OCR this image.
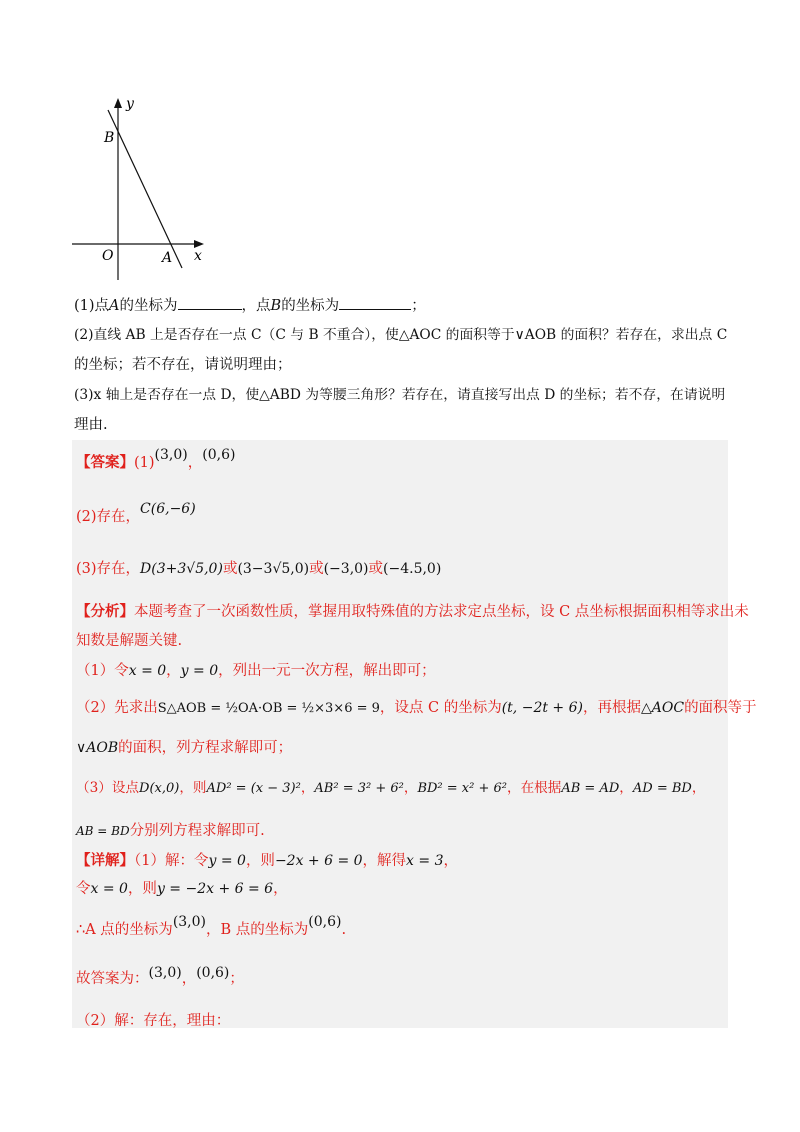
y
B
O	A x
(1)点A的坐标为	，点B的坐标为	；
(2)直线 AB 上是否存在一点 C（C 与 B 不重合），使△AOC 的面积等于∨AOB 的面积？若存在，求出点 C
的坐标；若不存在，请说明理由；
(3)x 轴上是否存在一点 D，使△ABD 为等腰三角形？若存在，请直接写出点 D 的坐标；若不存，在请说明
理由.
【答案】(1)(3,0)，(0,6)
(2)存在，C(6,−6)
(3)存在，D(3+3√5,0)或(3−3√5,0)或(−3,0)或(−4.5,0)
【分析】本题考查了一次函数性质，掌握用取特殊值的方法求定点坐标，设 C 点坐标根据面积相等求出未
知数是解题关键.
（1）令x = 0，y = 0，列出一元一次方程，解出即可；
（2）先求出S△AOB = ½OA·OB = ½×3×6 = 9，设点 C 的坐标为(t, −2t + 6)，再根据△AOC的面积等于
∨AOB的面积，列方程求解即可；
（3）设点D(x,0)，则AD² = (x − 3)²，AB² = 3² + 6²，BD² = x² + 6²，在根据AB = AD，AD = BD，
AB = BD分别列方程求解即可.
【详解】（1）解：令y = 0，则−2x + 6 = 0，解得x = 3，
令x = 0，则y = −2x + 6 = 6，
∴A 点的坐标为(3,0)，B 点的坐标为(0,6).
故答案为：(3,0)，(0,6)；
（2）解：存在，理由：
